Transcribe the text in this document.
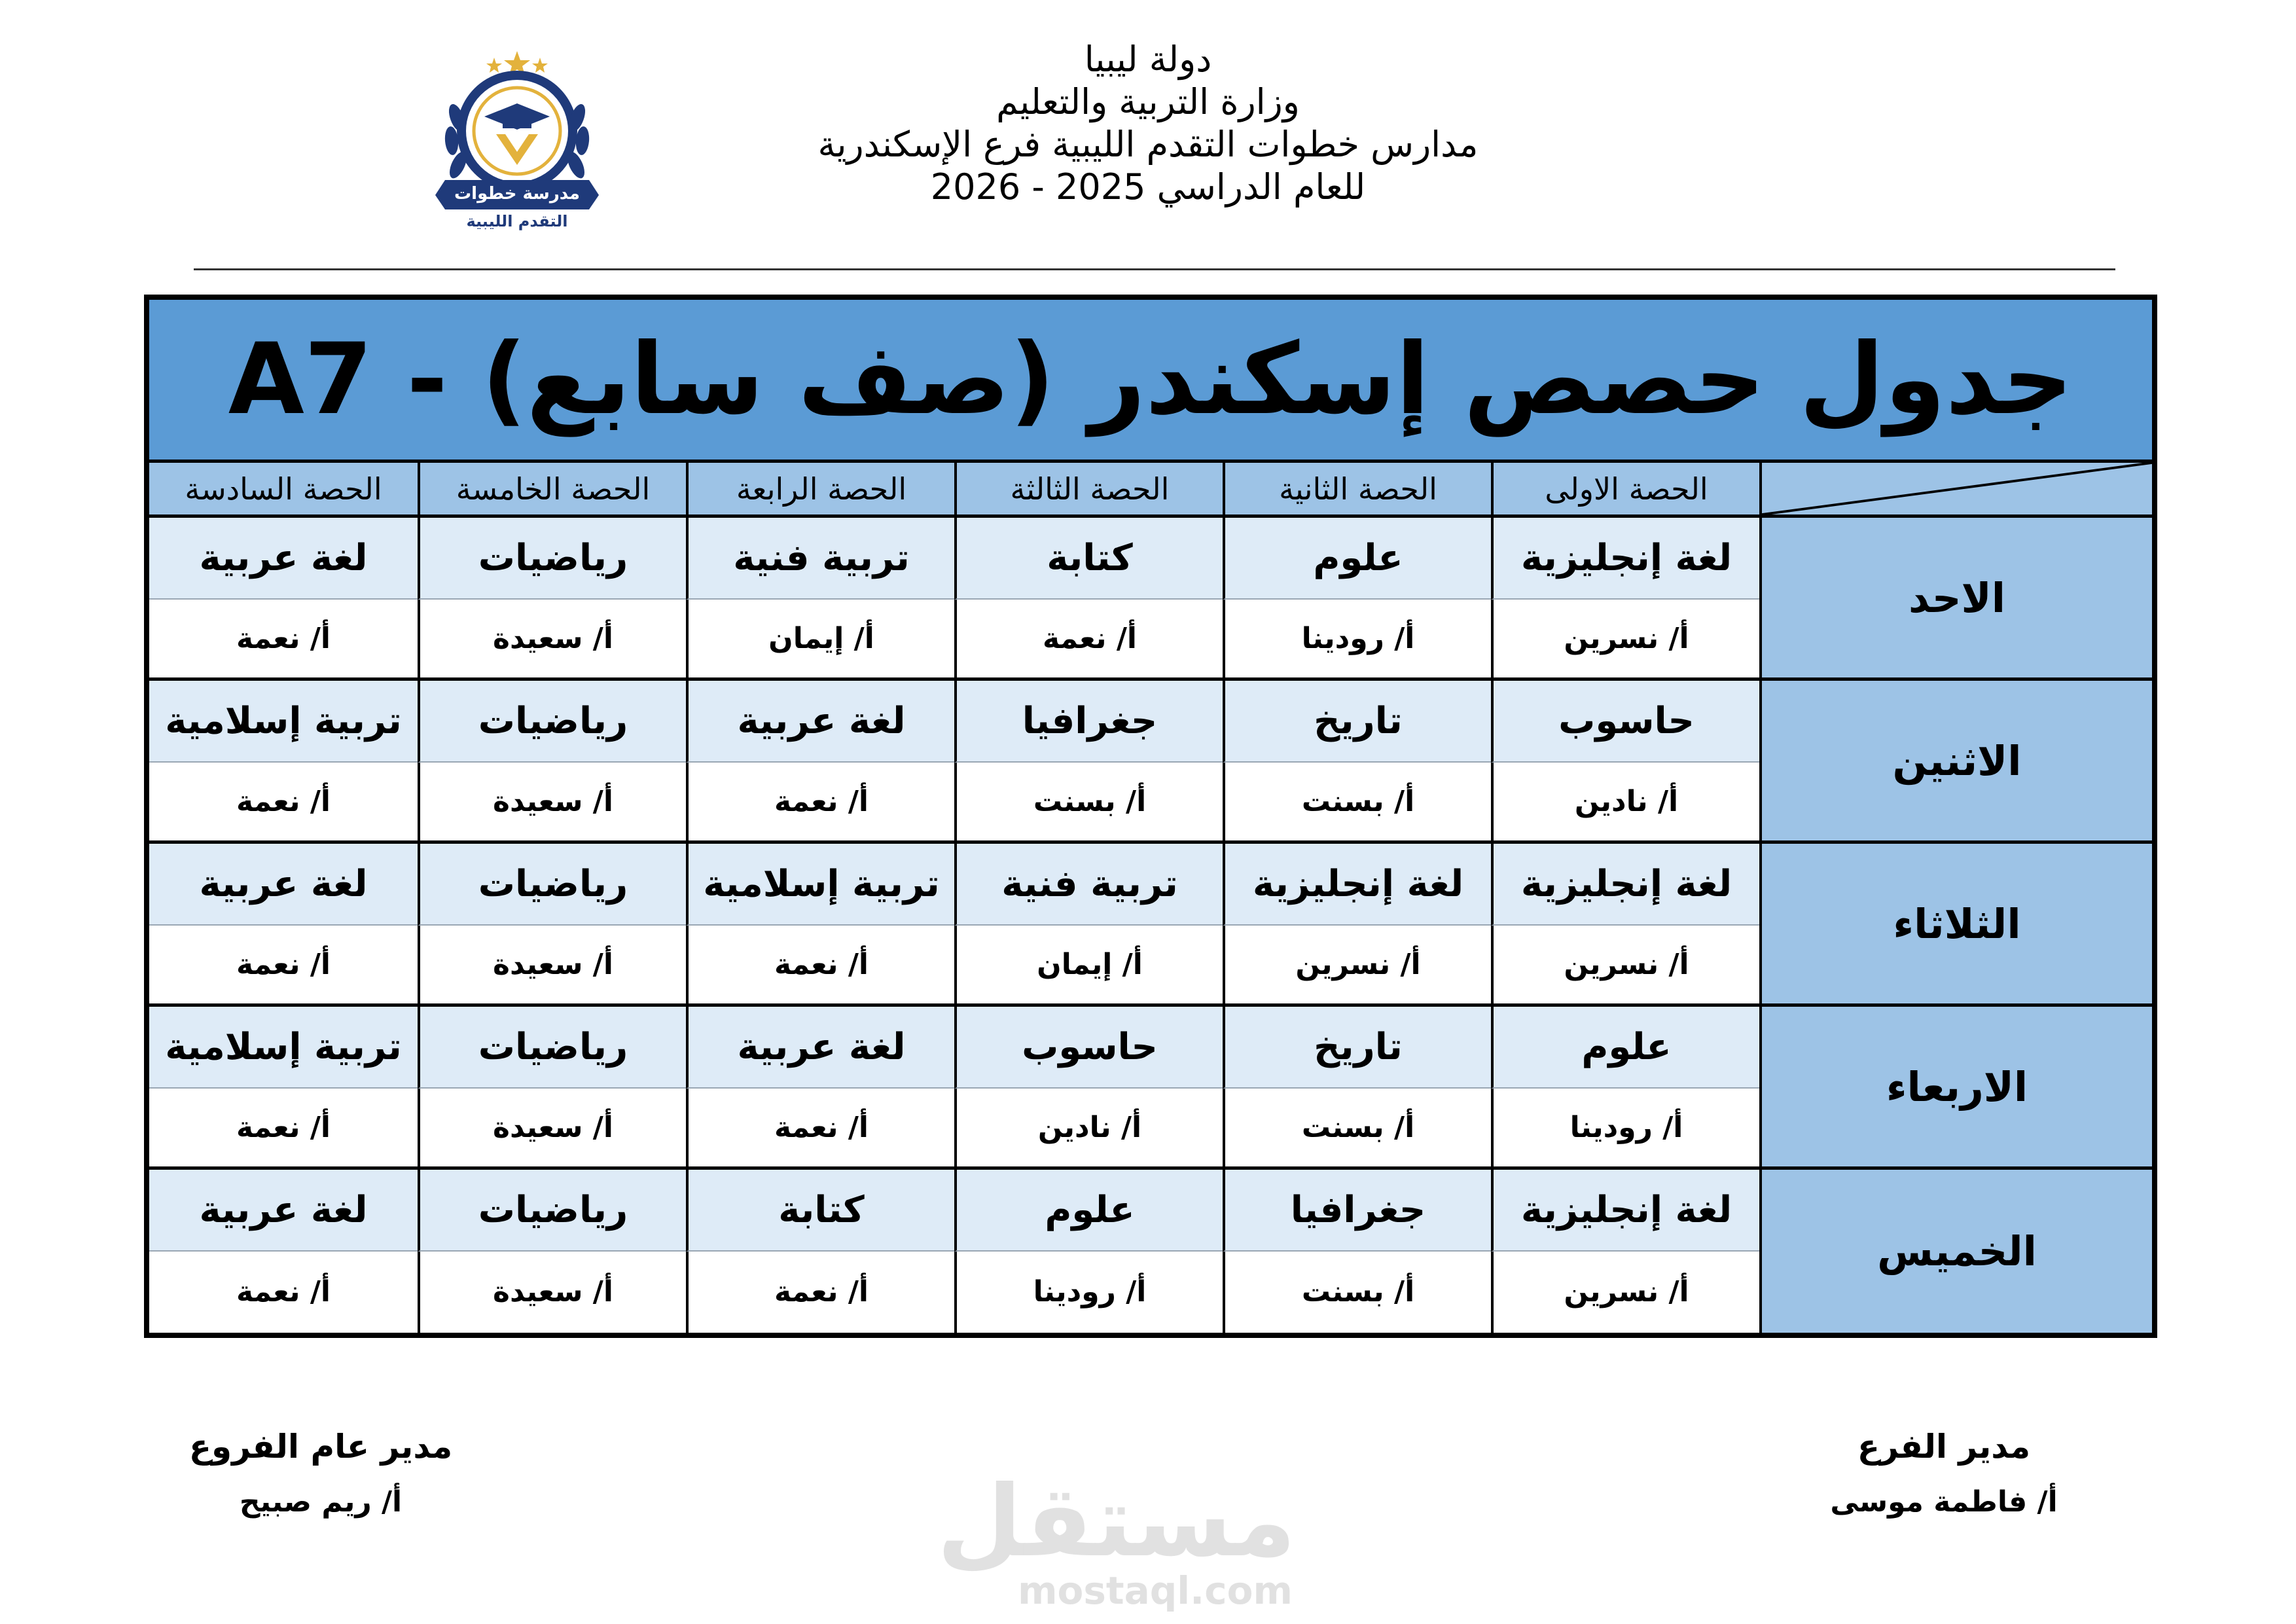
دولة ليبيا
وزارة التربية والتعليم
مدارس خطوات التقدم الليبية فرع الإسكندرية
للعام الدراسي 2025 - 2026
مدرسة خطوات
التقدم الليبية
جدول حصص إسكندر (صف سابع) - A7
الحصة الاولى
الحصة الثانية
الحصة الثالثة
الحصة الرابعة
الحصة الخامسة
الحصة السادسة
الاحد
لغة إنجليزية
علوم
كتابة
تربية فنية
رياضيات
لغة عربية
أ/ نسرين
أ/ رودينا
أ/ نعمة
أ/ إيمان
أ/ سعيدة
أ/ نعمة
الاثنين
حاسوب
تاريخ
جغرافيا
لغة عربية
رياضيات
تربية إسلامية
أ/ نادين
أ/ بسنت
أ/ بسنت
أ/ نعمة
أ/ سعيدة
أ/ نعمة
الثلاثاء
لغة إنجليزية
لغة إنجليزية
تربية فنية
تربية إسلامية
رياضيات
لغة عربية
أ/ نسرين
أ/ نسرين
أ/ إيمان
أ/ نعمة
أ/ سعيدة
أ/ نعمة
الاربعاء
علوم
تاريخ
حاسوب
لغة عربية
رياضيات
تربية إسلامية
أ/ رودينا
أ/ بسنت
أ/ نادين
أ/ نعمة
أ/ سعيدة
أ/ نعمة
الخميس
لغة إنجليزية
جغرافيا
علوم
كتابة
رياضيات
لغة عربية
أ/ نسرين
أ/ بسنت
أ/ رودينا
أ/ نعمة
أ/ سعيدة
أ/ نعمة
مدير الفرع
أ/ فاطمة موسى
مدير عام الفروع
أ/ ريم صبيح	مستقل
mostaql.com
